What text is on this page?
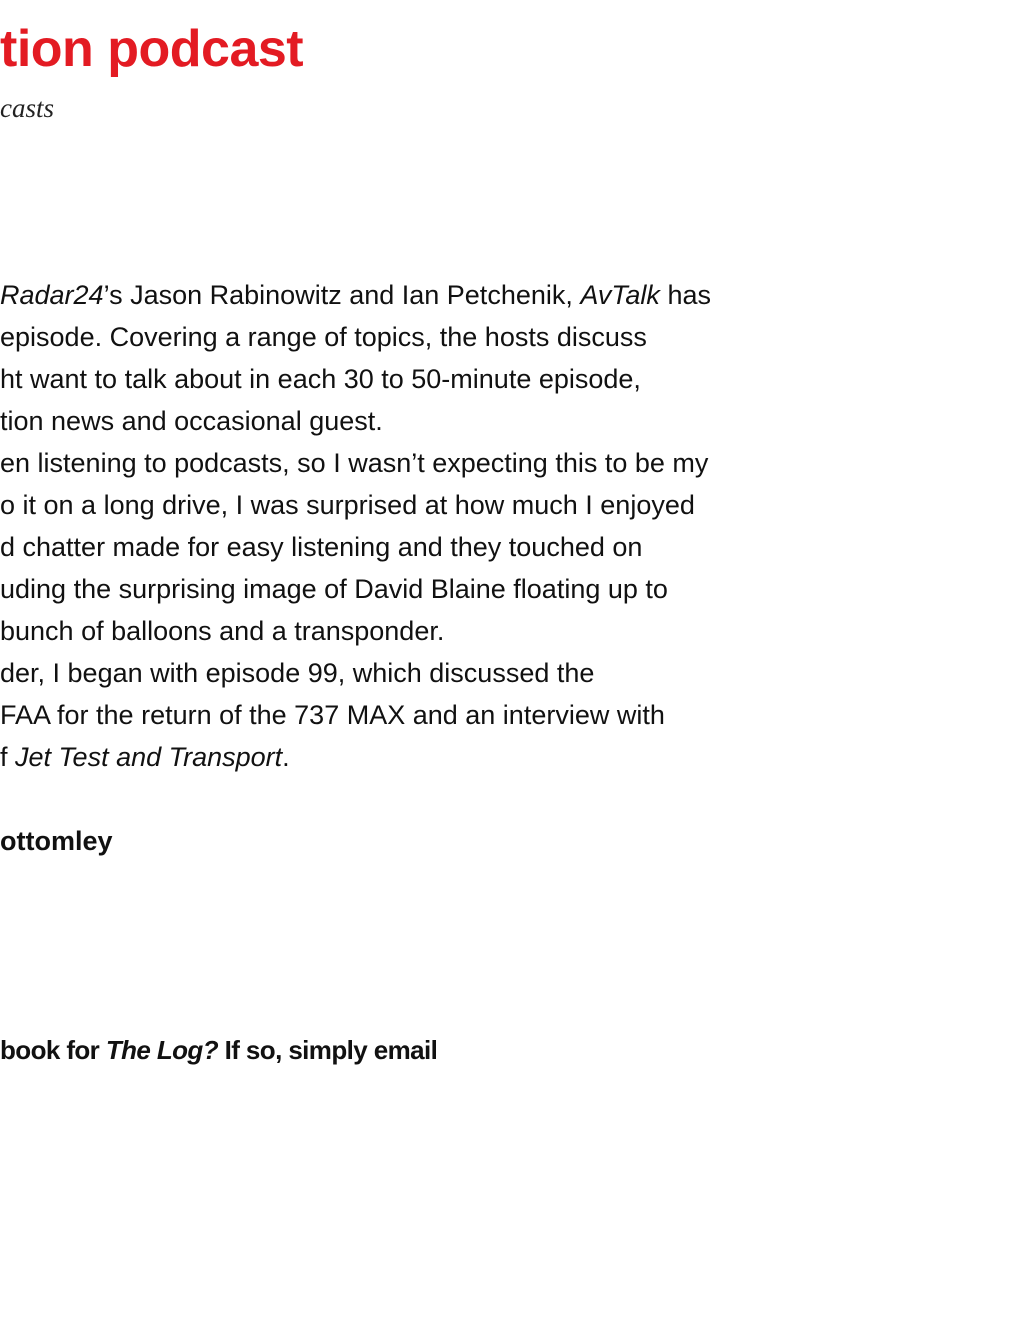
tion podcast

casts

Radar24’s Jason Rabinowitz and Ian Petchenik, AvTalk has
episode. Covering a range of topics, the hosts discuss
ht want to talk about in each 30 to 50-minute episode,
tion news and occasional guest.
en listening to podcasts, so I wasn’t expecting this to be my
o it on a long drive, I was surprised at how much I enjoyed
d chatter made for easy listening and they touched on
uding the surprising image of David Blaine floating up to
bunch of balloons and a transponder.
der, I began with episode 99, which discussed the
FAA for the return of the 737 MAX and an interview with
f Jet Test and Transport.

ottomley

book for The Log? If so, simply email
